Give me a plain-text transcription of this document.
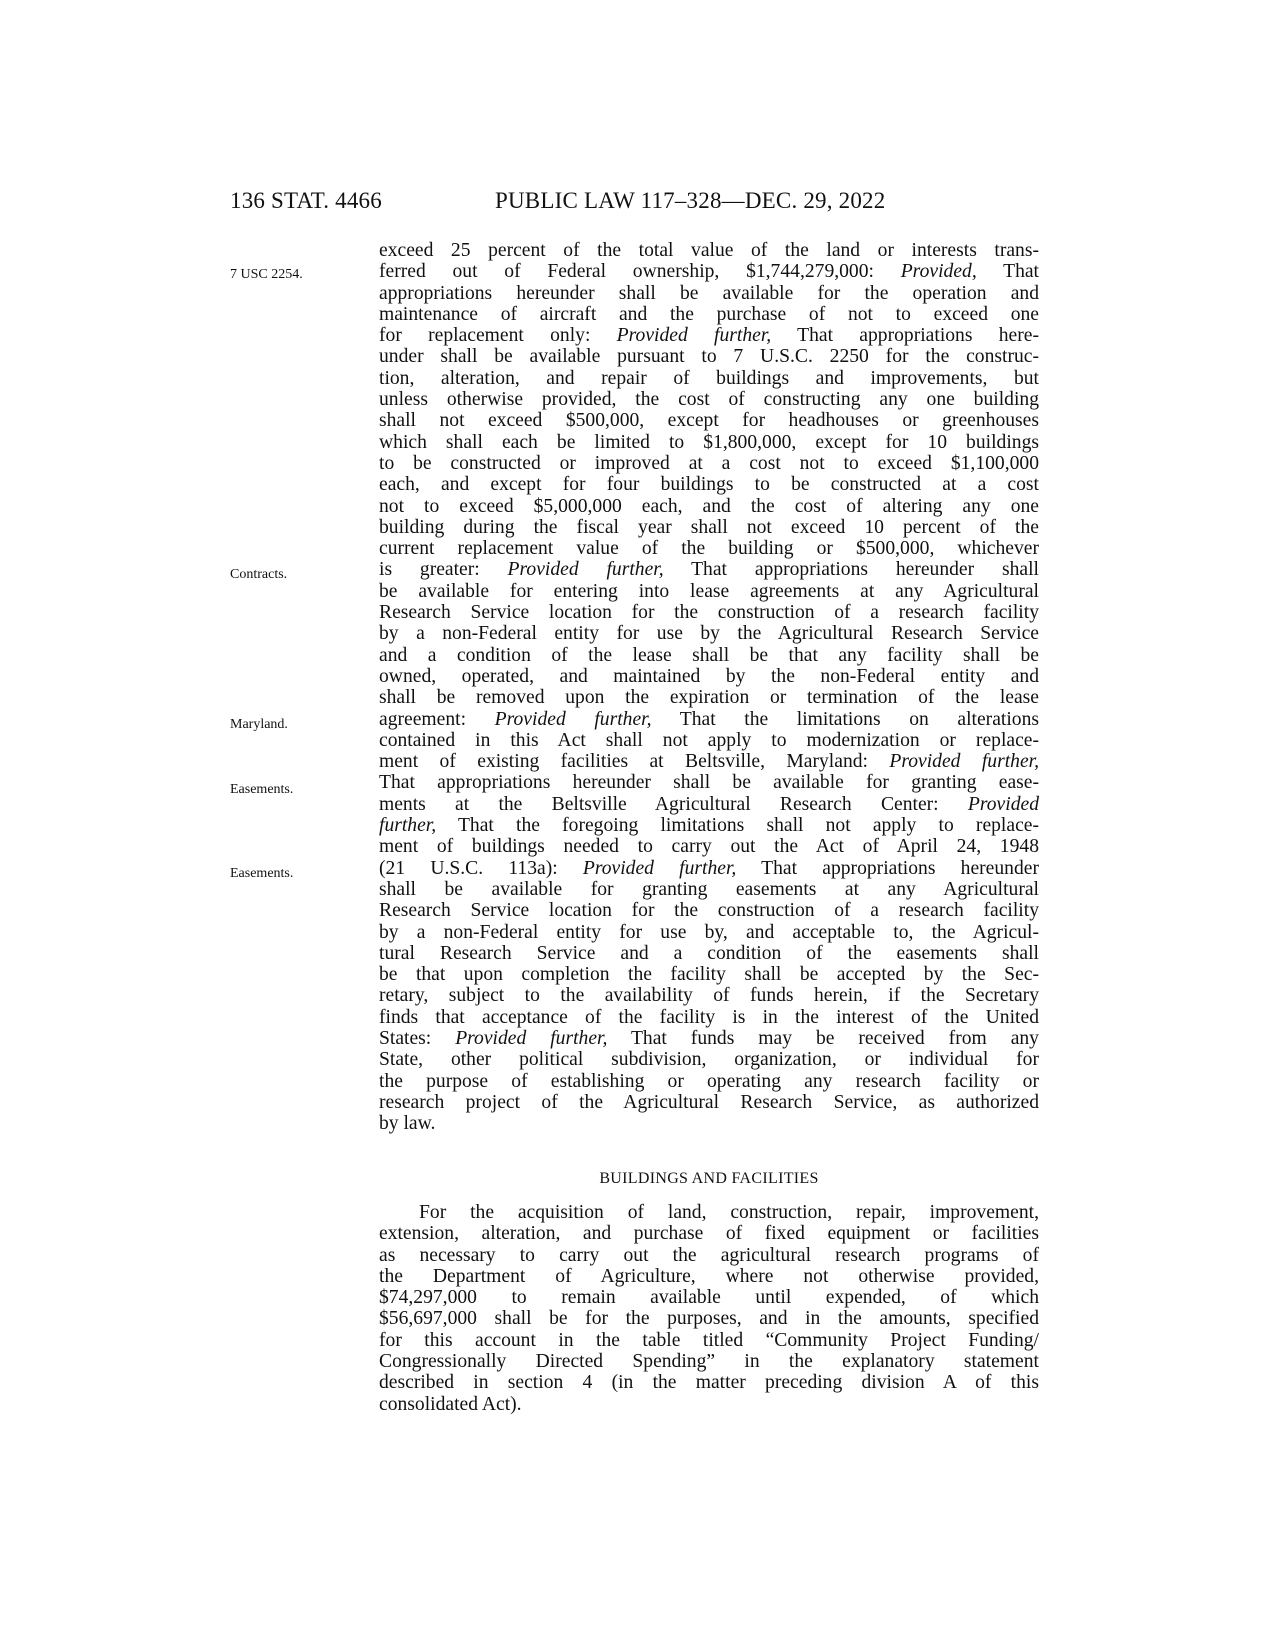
136 STAT. 4466	PUBLIC LAW 117–328—DEC. 29, 2022
7 USC 2254.
Contracts.
Maryland.
Easements.
Easements.
exceed 25 percent of the total value of the land or interests trans-
ferred out of Federal ownership, $1,744,279,000: Provided, That
appropriations hereunder shall be available for the operation and
maintenance of aircraft and the purchase of not to exceed one
for replacement only: Provided further, That appropriations here-
under shall be available pursuant to 7 U.S.C. 2250 for the construc-
tion, alteration, and repair of buildings and improvements, but
unless otherwise provided, the cost of constructing any one building
shall not exceed $500,000, except for headhouses or greenhouses
which shall each be limited to $1,800,000, except for 10 buildings
to be constructed or improved at a cost not to exceed $1,100,000
each, and except for four buildings to be constructed at a cost
not to exceed $5,000,000 each, and the cost of altering any one
building during the fiscal year shall not exceed 10 percent of the
current replacement value of the building or $500,000, whichever
is greater: Provided further, That appropriations hereunder shall
be available for entering into lease agreements at any Agricultural
Research Service location for the construction of a research facility
by a non-Federal entity for use by the Agricultural Research Service
and a condition of the lease shall be that any facility shall be
owned, operated, and maintained by the non-Federal entity and
shall be removed upon the expiration or termination of the lease
agreement: Provided further, That the limitations on alterations
contained in this Act shall not apply to modernization or replace-
ment of existing facilities at Beltsville, Maryland: Provided further,
That appropriations hereunder shall be available for granting ease-
ments at the Beltsville Agricultural Research Center: Provided
further, That the foregoing limitations shall not apply to replace-
ment of buildings needed to carry out the Act of April 24, 1948
(21 U.S.C. 113a): Provided further, That appropriations hereunder
shall be available for granting easements at any Agricultural
Research Service location for the construction of a research facility
by a non-Federal entity for use by, and acceptable to, the Agricul-
tural Research Service and a condition of the easements shall
be that upon completion the facility shall be accepted by the Sec-
retary, subject to the availability of funds herein, if the Secretary
finds that acceptance of the facility is in the interest of the United
States: Provided further, That funds may be received from any
State, other political subdivision, organization, or individual for
the purpose of establishing or operating any research facility or
research project of the Agricultural Research Service, as authorized
by law.
BUILDINGS AND FACILITIES
For the acquisition of land, construction, repair, improvement,
extension, alteration, and purchase of fixed equipment or facilities
as necessary to carry out the agricultural research programs of
the Department of Agriculture, where not otherwise provided,
$74,297,000 to remain available until expended, of which
$56,697,000 shall be for the purposes, and in the amounts, specified
for this account in the table titled “Community Project Funding/
Congressionally Directed Spending” in the explanatory statement
described in section 4 (in the matter preceding division A of this
consolidated Act).
